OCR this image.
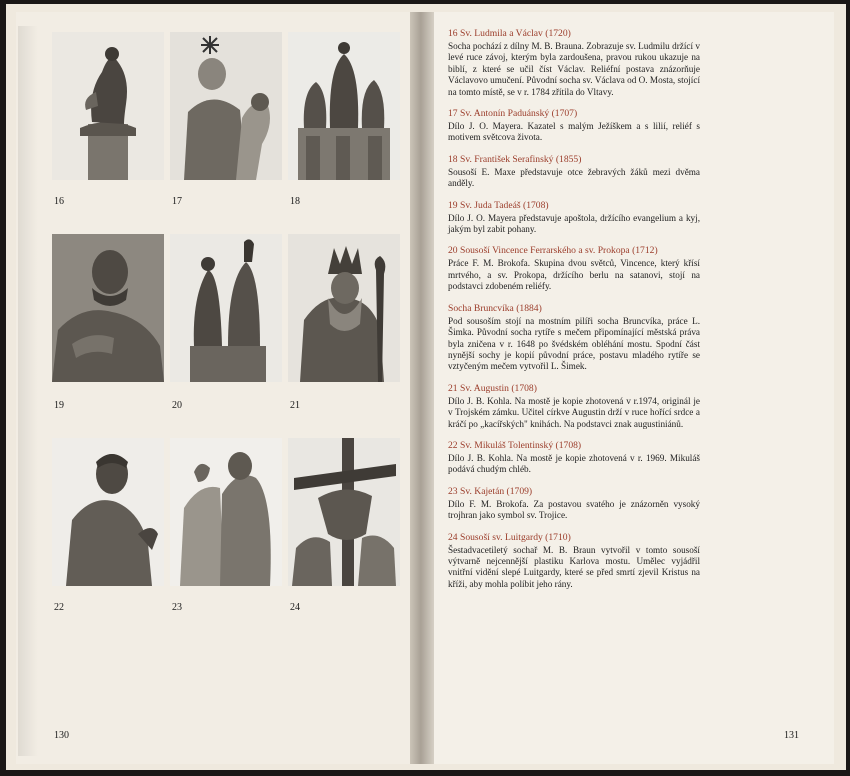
16	17	18
19	20	21
22	23	24
130	131
16 Sv. Ludmila a Václav (1720)
Socha pochází z dílny M. B. Brauna. Zobrazuje sv. Ludmilu držící v levé ruce závoj, kterým byla zardoušena, pravou rukou ukazuje na biblí, z které se učil číst Václav. Reliéfní postava znázorňuje Václavovo umučení. Původní socha sv. Václava od O. Mosta, stojící na tomto místě, se v r. 1784 zřítila do Vltavy.
17 Sv. Antonín Paduánský (1707)
Dílo J. O. Mayera. Kazatel s malým Ježíškem a s lilií, reliéf s motivem světcova života.
18 Sv. František Serafinský (1855)
Sousoší E. Maxe představuje otce žebravých žáků mezi dvěma anděly.
19 Sv. Juda Tadeáš (1708)
Dílo J. O. Mayera představuje apoštola, držícího evangelium a kyj, jakým byl zabit pohany.
20 Sousoší Vincence Ferrarského a sv. Prokopa (1712)
Práce F. M. Brokofa. Skupina dvou světců, Vincence, který křísí mrtvého, a sv. Prokopa, držícího berlu na satanovi, stojí na podstavci zdobeném reliéfy.
Socha Bruncvíka (1884)
Pod sousoším stojí na mostním pilíři socha Bruncvíka, práce L. Šimka. Původní socha rytíře s mečem připomínající městská práva byla zničena v r. 1648 po švédském obléhání mostu. Spodní část nynější sochy je kopií původní práce, postavu mladého rytíře se vztyčeným mečem vytvořil L. Šimek.
21 Sv. Augustin (1708)
Dílo J. B. Kohla. Na mostě je kopie zhotovená v r.1974, originál je v Trojském zámku. Učitel církve Augustin drží v ruce hořící srdce a kráčí po „kacířských" knihách. Na podstavci znak augustiniánů.
22 Sv. Mikuláš Tolentinský (1708)
Dílo J. B. Kohla. Na mostě je kopie zhotovená v r. 1969. Mikuláš podává chudým chléb.
23 Sv. Kajetán (1709)
Dílo F. M. Brokofa. Za postavou svatého je znázorněn vysoký trojhran jako symbol sv. Trojice.
24 Sousoší sv. Luitgardy (1710)
Šestadvacetiletý sochař M. B. Braun vytvořil v tomto sousoší výtvarně nejcennější plastiku Karlova mostu. Umělec vyjádřil vnitřní vidění slepé Luitgardy, které se před smrtí zjevil Kristus na kříži, aby mohla políbit jeho rány.
